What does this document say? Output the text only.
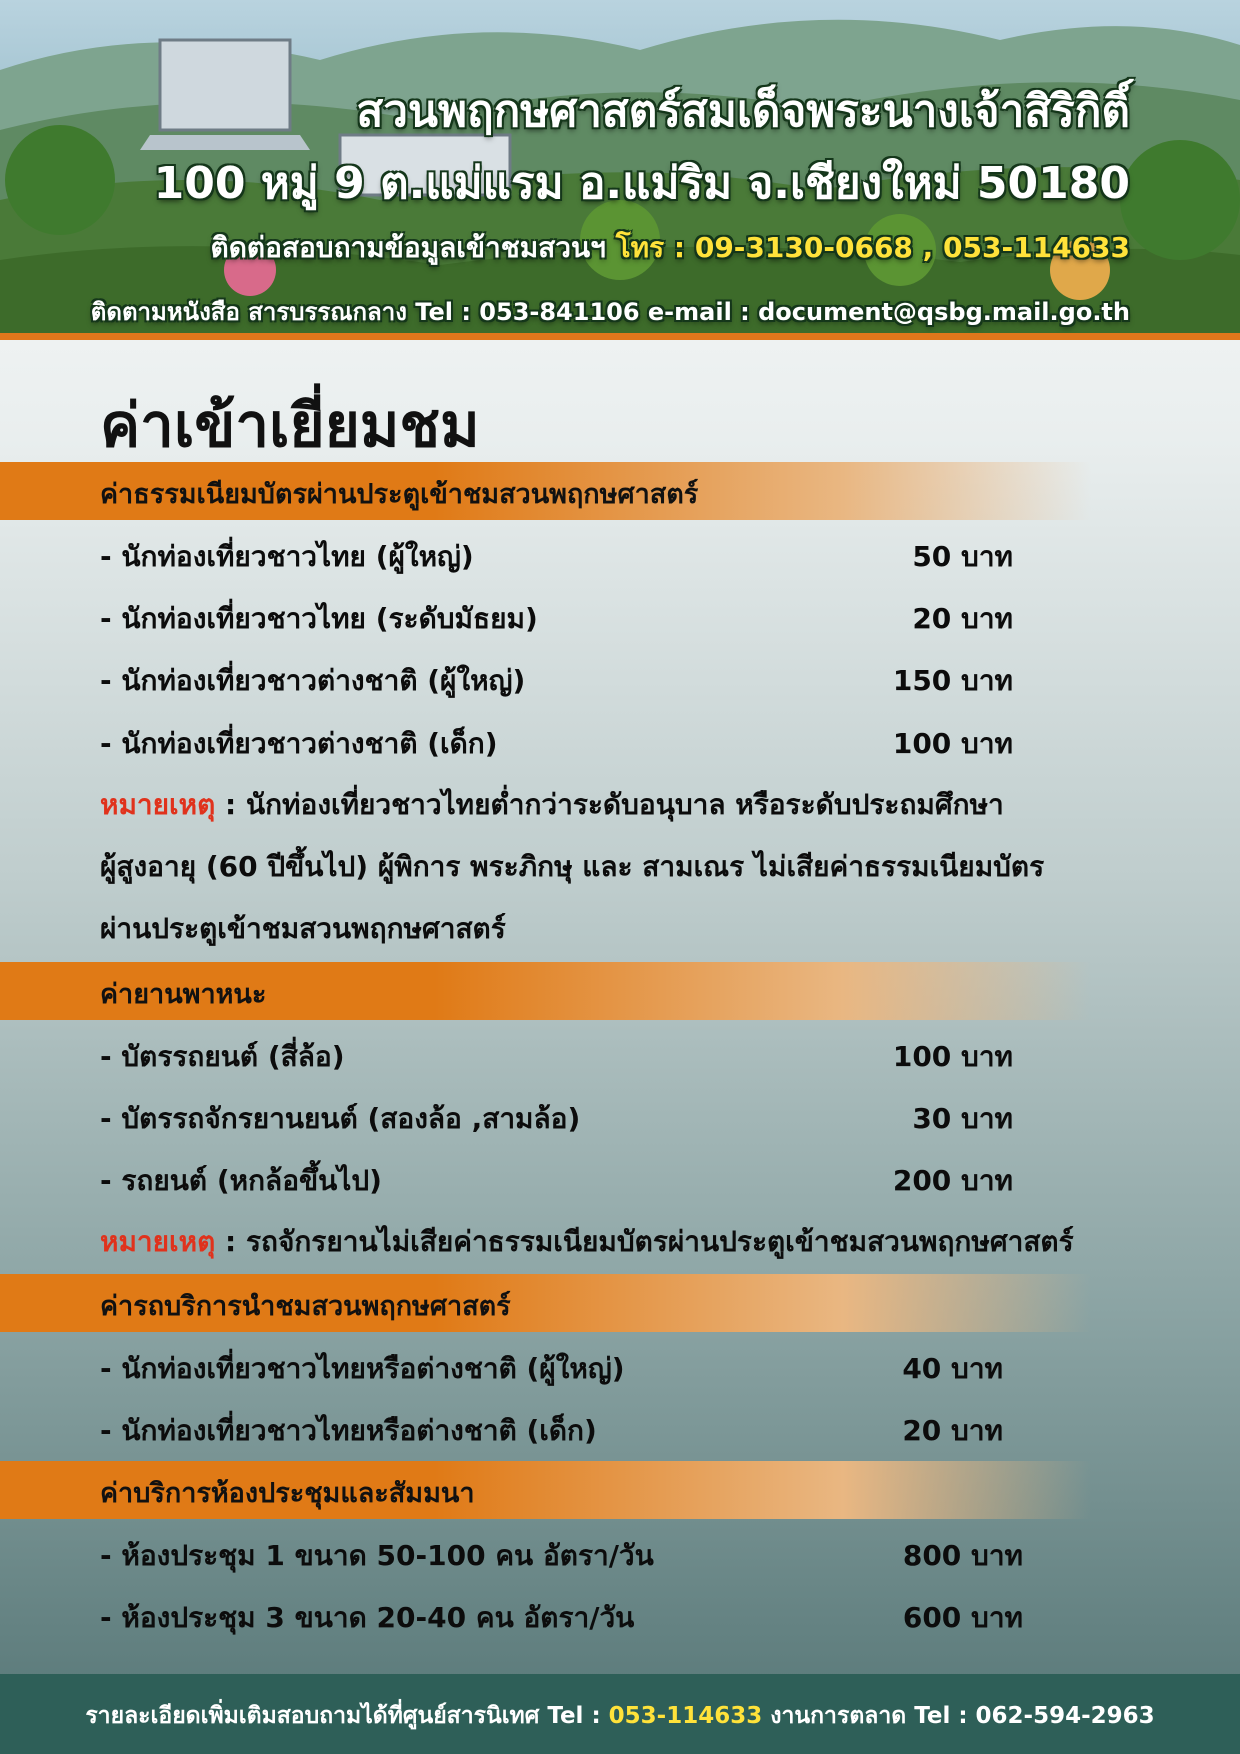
สวนพฤกษศาสตร์สมเด็จพระนางเจ้าสิริกิติ์
100 หมู่ 9 ต.แม่แรม อ.แม่ริม จ.เชียงใหม่ 50180
ติดต่อสอบถามข้อมูลเข้าชมสวนฯ โทร : 09-3130-0668 , 053-114633
ติดตามหนังสือ สารบรรณกลาง Tel : 053-841106 e-mail : document@qsbg.mail.go.th
ค่าเข้าเยี่ยมชม
ค่าธรรมเนียมบัตรผ่านประตูเข้าชมสวนพฤกษศาสตร์
- นักท่องเที่ยวชาวไทย (ผู้ใหญ่)	50 บาท
- นักท่องเที่ยวชาวไทย (ระดับมัธยม)	20 บาท
- นักท่องเที่ยวชาวต่างชาติ (ผู้ใหญ่)	150 บาท
- นักท่องเที่ยวชาวต่างชาติ (เด็ก)	100 บาท
หมายเหตุ : นักท่องเที่ยวชาวไทยต่ำกว่าระดับอนุบาล หรือระดับประถมศึกษา
ผู้สูงอายุ (60 ปีขึ้นไป) ผู้พิการ พระภิกษุ และ สามเณร ไม่เสียค่าธรรมเนียมบัตร
ผ่านประตูเข้าชมสวนพฤกษศาสตร์
ค่ายานพาหนะ
- บัตรรถยนต์ (สี่ล้อ)	100 บาท
- บัตรรถจักรยานยนต์ (สองล้อ ,สามล้อ)	30 บาท
- รถยนต์ (หกล้อขึ้นไป)	200 บาท
หมายเหตุ : รถจักรยานไม่เสียค่าธรรมเนียมบัตรผ่านประตูเข้าชมสวนพฤกษศาสตร์
ค่ารถบริการนำชมสวนพฤกษศาสตร์
- นักท่องเที่ยวชาวไทยหรือต่างชาติ (ผู้ใหญ่)	40 บาท
- นักท่องเที่ยวชาวไทยหรือต่างชาติ (เด็ก)	20 บาท
ค่าบริการห้องประชุมและสัมมนา
- ห้องประชุม 1 ขนาด 50-100 คน อัตรา/วัน	800 บาท
- ห้องประชุม 3 ขนาด 20-40 คน อัตรา/วัน	600 บาท
รายละเอียดเพิ่มเติมสอบถามได้ที่ศูนย์สารนิเทศ Tel : 053-114633 งานการตลาด Tel : 062-594-2963
